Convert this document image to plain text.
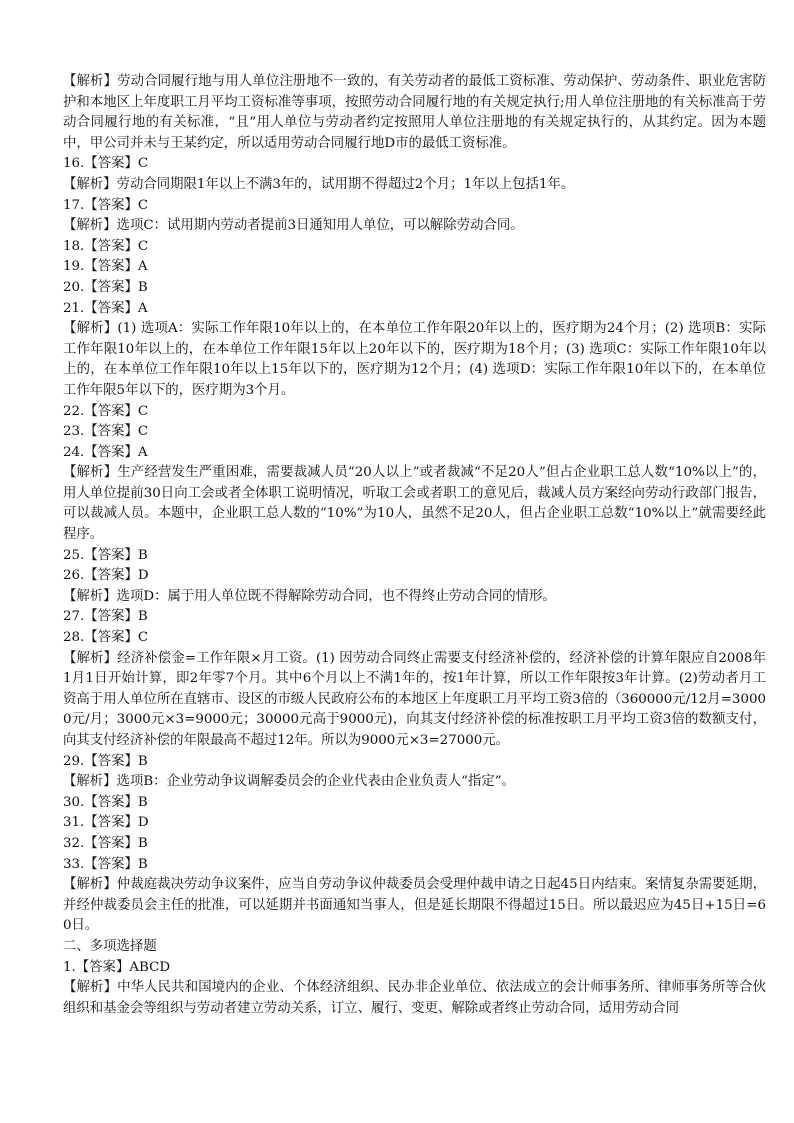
【解析】劳动合同履行地与用人单位注册地不一致的，有关劳动者的最低工资标准、劳动保护、劳动条件、职业危害防护和本地区上年度职工月平均工资标准等事项，按照劳动合同履行地的有关规定执行;用人单位注册地的有关标准高于劳动合同履行地的有关标准，“且”用人单位与劳动者约定按照用人单位注册地的有关规定执行的，从其约定。因为本题中，甲公司并未与王某约定，所以适用劳动合同履行地D市的最低工资标准。

16.【答案】C

【解析】劳动合同期限1年以上不满3年的，试用期不得超过2个月；1年以上包括1年。

17.【答案】C

【解析】选项C：试用期内劳动者提前3日通知用人单位，可以解除劳动合同。

18.【答案】C

19.【答案】A

20.【答案】B

21.【答案】A

【解析】(1) 选项A：实际工作年限10年以上的，在本单位工作年限20年以上的，医疗期为24个月；(2) 选项B：实际工作年限10年以上的，在本单位工作年限15年以上20年以下的，医疗期为18个月；(3) 选项C：实际工作年限10年以上的，在本单位工作年限10年以上15年以下的，医疗期为12个月；(4) 选项D：实际工作年限10年以下的，在本单位工作年限5年以下的，医疗期为3个月。

22.【答案】C

23.【答案】C

24.【答案】A

【解析】生产经营发生严重困难，需要裁减人员“20人以上”或者裁减“不足20人”但占企业职工总人数“10%以上”的，用人单位提前30日向工会或者全体职工说明情况，听取工会或者职工的意见后，裁减人员方案经向劳动行政部门报告，可以裁减人员。本题中，企业职工总人数的“10%”为10人，虽然不足20人，但占企业职工总数“10%以上”就需要经此程序。

25.【答案】B

26.【答案】D

【解析】选项D：属于用人单位既不得解除劳动合同，也不得终止劳动合同的情形。

27.【答案】B

28.【答案】C

【解析】经济补偿金=工作年限×月工资。(1) 因劳动合同终止需要支付经济补偿的，经济补偿的计算年限应自2008年1月1日开始计算，即2年零7个月。其中6个月以上不满1年的，按1年计算，所以工作年限按3年计算。(2)劳动者月工资高于用人单位所在直辖市、设区的市级人民政府公布的本地区上年度职工月平均工资3倍的（360000元/12月=30000元/月；3000元×3=9000元；30000元高于9000元)，向其支付经济补偿的标准按职工月平均工资3倍的数额支付，向其支付经济补偿的年限最高不超过12年。所以为9000元×3=27000元。

29.【答案】B

【解析】选项B：企业劳动争议调解委员会的企业代表由企业负责人“指定”。

30.【答案】B

31.【答案】D

32.【答案】B

33.【答案】B

【解析】仲裁庭裁决劳动争议案件，应当自劳动争议仲裁委员会受理仲裁申请之日起45日内结束。案情复杂需要延期，并经仲裁委员会主任的批准，可以延期并书面通知当事人，但是延长期限不得超过15日。所以最迟应为45日+15日=60日。

二、多项选择题

1.【答案】ABCD

【解析】中华人民共和国境内的企业、个体经济组织、民办非企业单位、依法成立的会计师事务所、律师事务所等合伙组织和基金会等组织与劳动者建立劳动关系，订立、履行、变更、解除或者终止劳动合同，适用劳动合同
